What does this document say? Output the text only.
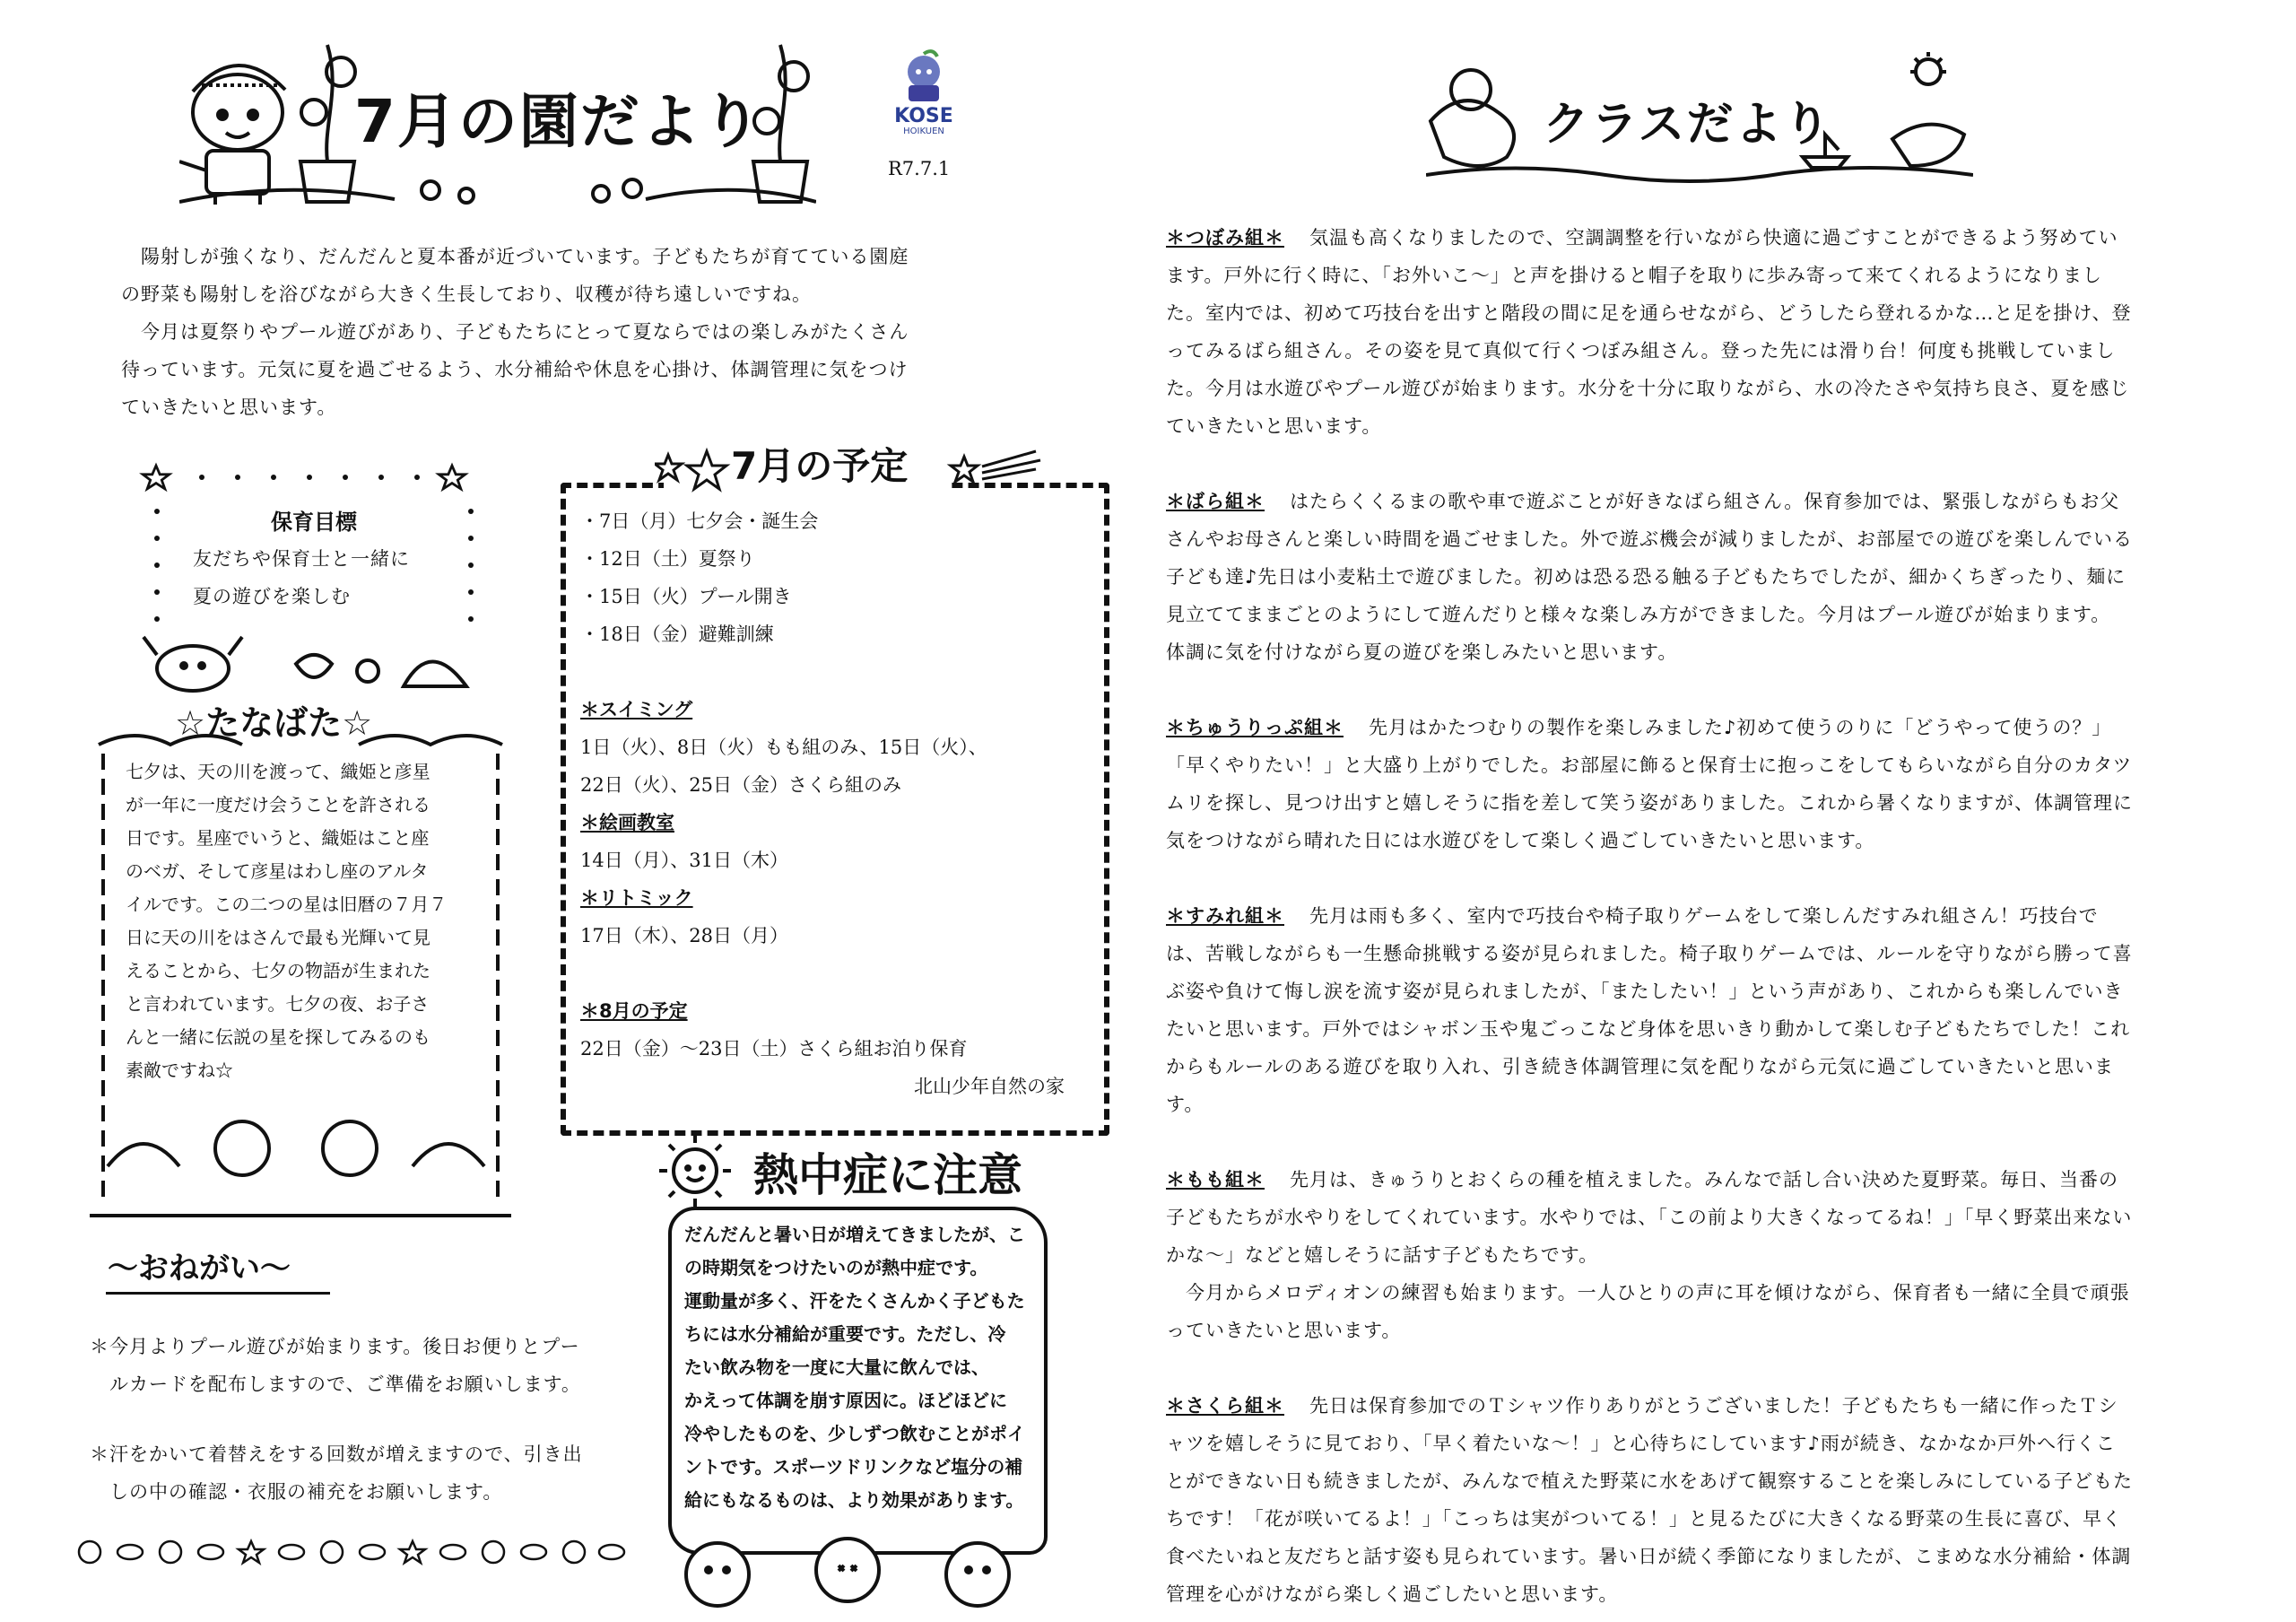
7月の園だより	KOSE
HOIKUEN
R7.7.1
陽射しが強くなり、だんだんと夏本番が近づいています。子どもたちが育てている園庭
の野菜も陽射しを浴びながら大きく生長しており、収穫が待ち遠しいですね。
今月は夏祭りやプール遊びがあり、子どもたちにとって夏ならではの楽しみがたくさん
待っています。元気に夏を過ごせるよう、水分補給や休息を心掛け、体調管理に気をつけ
ていきたいと思います。
保育目標
友だちや保育士と一緒に
夏の遊びを楽しむ
☆たなばた☆
七夕は、天の川を渡って、織姫と彦星
が一年に一度だけ会うことを許される
日です。星座でいうと、織姫はこと座
のベガ、そして彦星はわし座のアルタ
イルです。この二つの星は旧暦の７月７
日に天の川をはさんで最も光輝いて見
えることから、七夕の物語が生まれた
と言われています。七夕の夜、お子さ
んと一緒に伝説の星を探してみるのも
素敵ですね☆
7月の予定
・7日（月）七夕会・誕生会
・12日（土）夏祭り
・15日（火）プール開き
・18日（金）避難訓練
＊スイミング
1日（火）、8日（火）もも組のみ、15日（火）、
22日（火）、25日（金）さくら組のみ
＊絵画教室
14日（月）、31日（木）
＊リトミック
17日（木）、28日（月）
＊8月の予定
22日（金）〜23日（土）さくら組お泊り保育
北山少年自然の家
熱中症に注意
だんだんと暑い日が増えてきましたが、こ
の時期気をつけたいのが熱中症です。
運動量が多く、汗をたくさんかく子どもた
ちには水分補給が重要です。ただし、冷
たい飲み物を一度に大量に飲んでは、
かえって体調を崩す原因に。ほどほどに
冷やしたものを、少しずつ飲むことがポイ
ントです。スポーツドリンクなど塩分の補
給にもなるものは、より効果があります。
〜おねがい〜
＊今月よりプール遊びが始まります。後日お便りとプー
　ルカードを配布しますので、ご準備をお願いします。
＊汗をかいて着替えをする回数が増えますので、引き出
　しの中の確認・衣服の補充をお願いします。
クラスだより
＊つぼみ組＊ 気温も高くなりましたので、空調調整を行いながら快適に過ごすことができるよう努めてい
ます。戸外に行く時に、「お外いこ〜」と声を掛けると帽子を取りに歩み寄って来てくれるようになりまし
た。室内では、初めて巧技台を出すと階段の間に足を通らせながら、どうしたら登れるかな…と足を掛け、登
ってみるばら組さん。その姿を見て真似て行くつぼみ組さん。登った先には滑り台！何度も挑戦していまし
た。今月は水遊びやプール遊びが始まります。水分を十分に取りながら、水の冷たさや気持ち良さ、夏を感じ
ていきたいと思います。
＊ばら組＊ はたらくくるまの歌や車で遊ぶことが好きなばら組さん。保育参加では、緊張しながらもお父
さんやお母さんと楽しい時間を過ごせました。外で遊ぶ機会が減りましたが、お部屋での遊びを楽しんでいる
子ども達♪先日は小麦粘土で遊びました。初めは恐る恐る触る子どもたちでしたが、細かくちぎったり、麺に
見立ててままごとのようにして遊んだりと様々な楽しみ方ができました。今月はプール遊びが始まります。
体調に気を付けながら夏の遊びを楽しみたいと思います。
＊ちゅうりっぷ組＊ 先月はかたつむりの製作を楽しみました♪初めて使うのりに「どうやって使うの？」
「早くやりたい！」と大盛り上がりでした。お部屋に飾ると保育士に抱っこをしてもらいながら自分のカタツ
ムリを探し、見つけ出すと嬉しそうに指を差して笑う姿がありました。これから暑くなりますが、体調管理に
気をつけながら晴れた日には水遊びをして楽しく過ごしていきたいと思います。
＊すみれ組＊ 先月は雨も多く、室内で巧技台や椅子取りゲームをして楽しんだすみれ組さん！巧技台で
は、苦戦しながらも一生懸命挑戦する姿が見られました。椅子取りゲームでは、ルールを守りながら勝って喜
ぶ姿や負けて悔し涙を流す姿が見られましたが、「またしたい！」という声があり、これからも楽しんでいき
たいと思います。戸外ではシャボン玉や鬼ごっこなど身体を思いきり動かして楽しむ子どもたちでした！これ
からもルールのある遊びを取り入れ、引き続き体調管理に気を配りながら元気に過ごしていきたいと思いま
す。
＊もも組＊ 先月は、きゅうりとおくらの種を植えました。みんなで話し合い決めた夏野菜。毎日、当番の
子どもたちが水やりをしてくれています。水やりでは、「この前より大きくなってるね！」「早く野菜出来ない
かな〜」などと嬉しそうに話す子どもたちです。
　今月からメロディオンの練習も始まります。一人ひとりの声に耳を傾けながら、保育者も一緒に全員で頑張
っていきたいと思います。
＊さくら組＊ 先日は保育参加でのＴシャツ作りありがとうございました！子どもたちも一緒に作ったＴシ
ャツを嬉しそうに見ており、「早く着たいな〜！」と心待ちにしています♪雨が続き、なかなか戸外へ行くこ
とができない日も続きましたが、みんなで植えた野菜に水をあげて観察することを楽しみにしている子どもた
ちです！「花が咲いてるよ！」「こっちは実がついてる！」と見るたびに大きくなる野菜の生長に喜び、早く
食べたいねと友だちと話す姿も見られています。暑い日が続く季節になりましたが、こまめな水分補給・体調
管理を心がけながら楽しく過ごしたいと思います。
